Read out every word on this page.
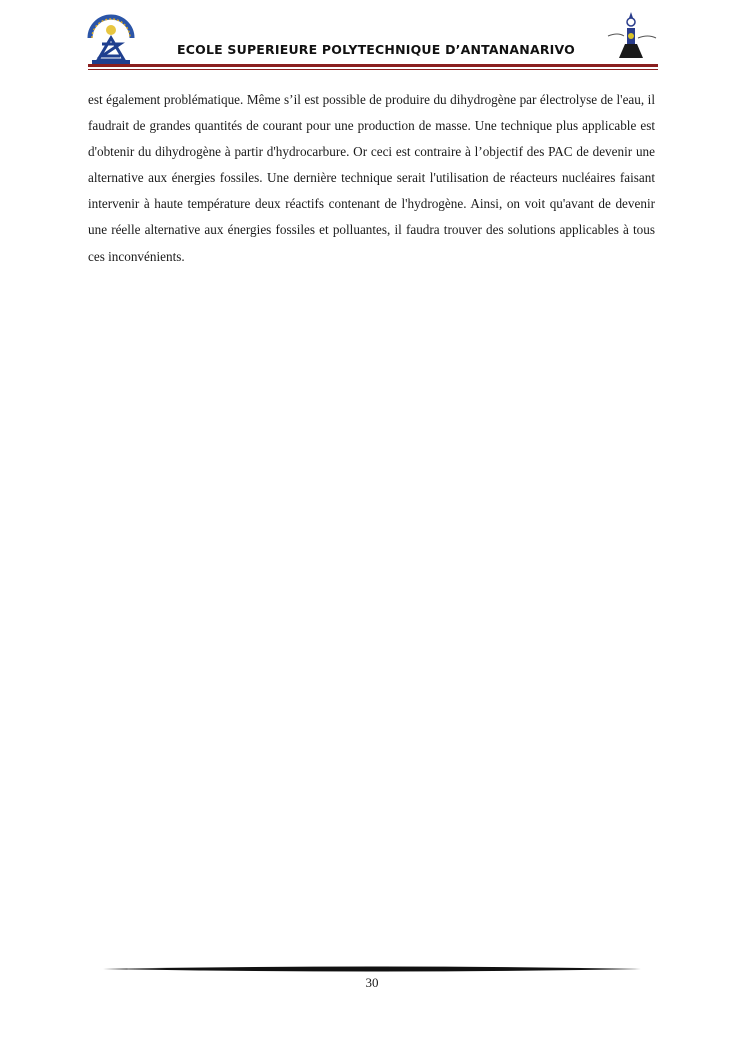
ECOLE SUPERIEURE POLYTECHNIQUE D’ANTANANARIVO

est également problématique. Même s’il est possible de produire du dihydrogène par électrolyse de l'eau, il faudrait de grandes quantités de courant pour une production de masse. Une technique plus applicable est d'obtenir du dihydrogène à partir d'hydrocarbure. Or ceci est contraire à l’objectif des PAC de devenir une alternative aux énergies fossiles. Une dernière technique serait l'utilisation de réacteurs nucléaires faisant intervenir à haute température deux réactifs contenant de l'hydrogène. Ainsi, on voit qu'avant de devenir une réelle alternative aux énergies fossiles et polluantes, il faudra trouver des solutions applicables à tous ces inconvénients.

30
